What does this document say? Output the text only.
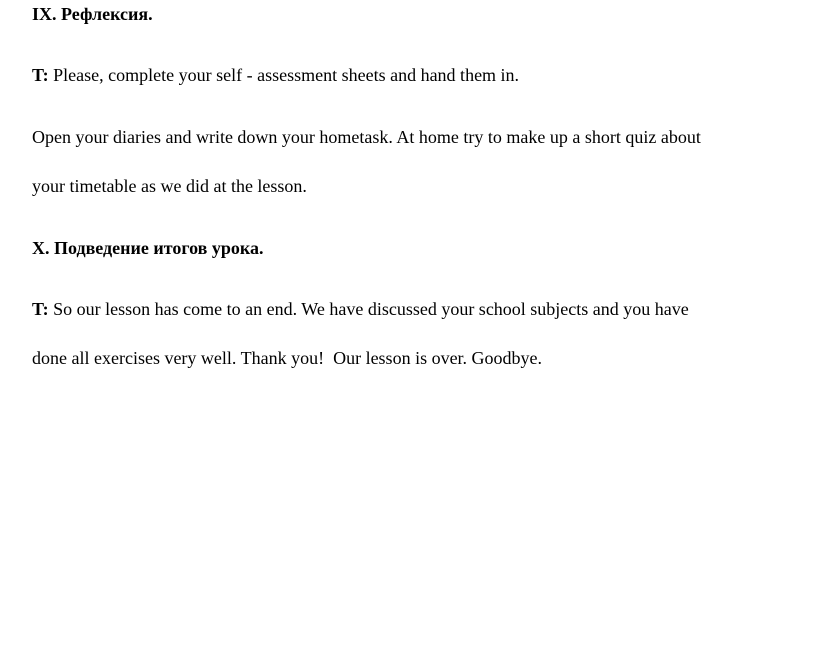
IX. Рефлексия.
T: Please, complete your self - assessment sheets and hand them in.
Open your diaries and write down your hometask. At home try to make up a short quiz about
your timetable as we did at the lesson.
X. Подведение итогов урока.
T: So our lesson has come to an end. We have discussed your school subjects and you have
done all exercises very well. Thank you!  Our lesson is over. Goodbye.
